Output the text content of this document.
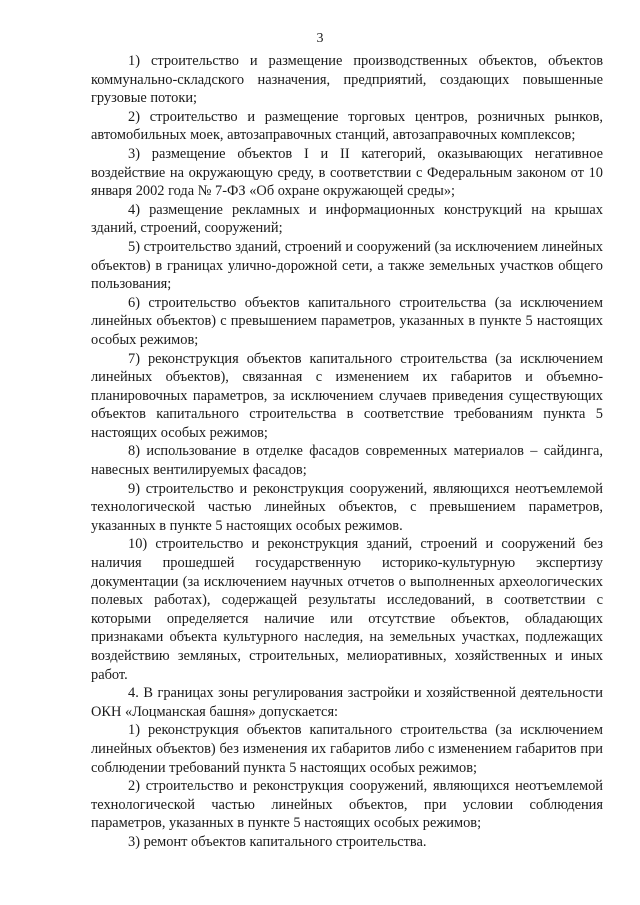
3

1) строительство и размещение производственных объектов, объектов коммунально-складского назначения, предприятий, создающих повышенные грузовые потоки;

2) строительство и размещение торговых центров, розничных рынков, автомобильных моек, автозаправочных станций, автозаправочных комплексов;

3) размещение объектов I и II категорий, оказывающих негативное воздействие на окружающую среду, в соответствии с Федеральным законом от 10 января 2002 года № 7-ФЗ «Об охране окружающей среды»;

4) размещение рекламных и информационных конструкций на крышах зданий, строений, сооружений;

5) строительство зданий, строений и сооружений (за исключением линейных объектов) в границах улично-дорожной сети, а также земельных участков общего пользования;

6) строительство объектов капитального строительства (за исключением линейных объектов) с превышением параметров, указанных в пункте 5 настоящих особых режимов;

7) реконструкция объектов капитального строительства (за исключением линейных объектов), связанная с изменением их габаритов и объемно-планировочных параметров, за исключением случаев приведения существующих объектов капитального строительства в соответствие требованиям пункта 5 настоящих особых режимов;

8) использование в отделке фасадов современных материалов – сайдинга, навесных вентилируемых фасадов;

9) строительство и реконструкция сооружений, являющихся неотъемлемой технологической частью линейных объектов, с превышением параметров, указанных в пункте 5 настоящих особых режимов.

10) строительство и реконструкция зданий, строений и сооружений без наличия прошедшей государственную историко-культурную экспертизу документации (за исключением научных отчетов о выполненных археологических полевых работах), содержащей результаты исследований, в соответствии с которыми определяется наличие или отсутствие объектов, обладающих признаками объекта культурного наследия, на земельных участках, подлежащих воздействию земляных, строительных, мелиоративных, хозяйственных и иных работ.

4. В границах зоны регулирования застройки и хозяйственной деятельности ОКН «Лоцманская башня» допускается:

1) реконструкция объектов капитального строительства (за исключением линейных объектов) без изменения их габаритов либо с изменением габаритов при соблюдении требований пункта 5 настоящих особых режимов;

2) строительство и реконструкция сооружений, являющихся неотъемлемой технологической частью линейных объектов, при условии соблюдения параметров, указанных в пункте 5 настоящих особых режимов;

3) ремонт объектов капитального строительства.
